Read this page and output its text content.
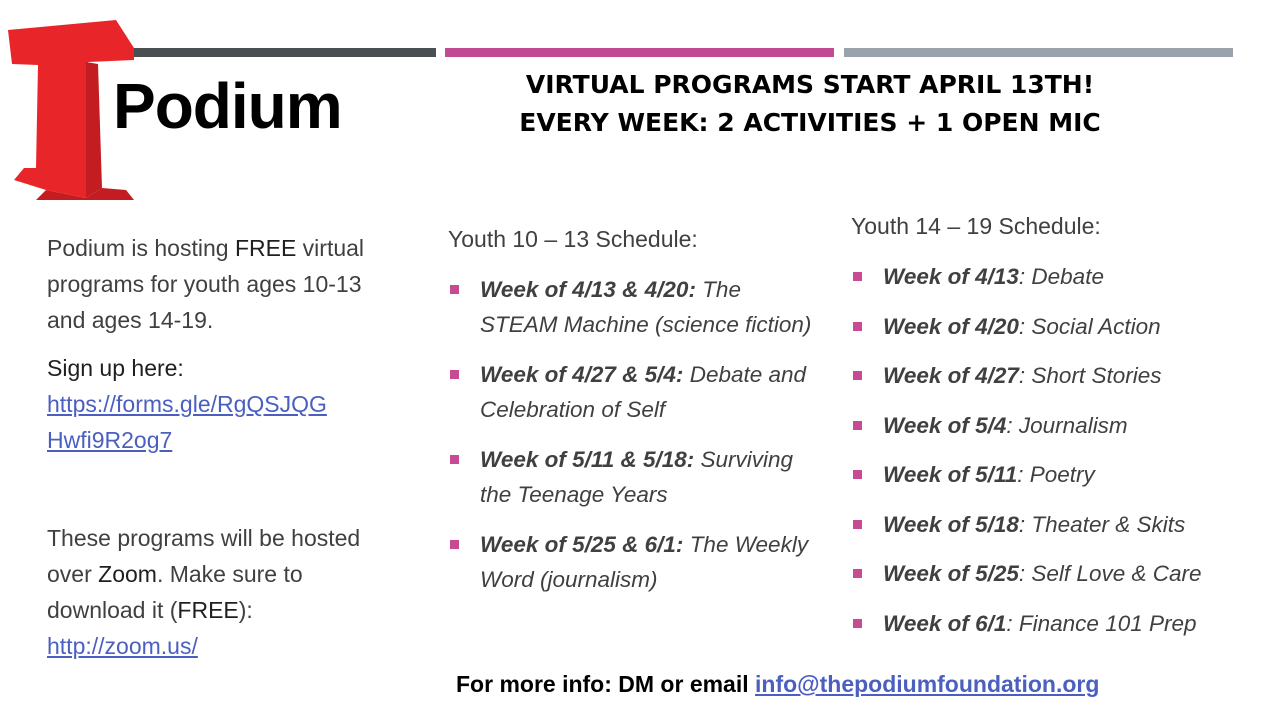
Podium	VIRTUAL PROGRAMS START APRIL 13TH!
EVERY WEEK: 2 ACTIVITIES + 1 OPEN MIC
Podium is hosting FREE virtual programs for youth ages 10-13 and ages 14-19.
Sign up here:
https://forms.gle/RgQSJQG
Hwfi9R2og7
These programs will be hosted over Zoom. Make sure to download it (FREE):
http://zoom.us/
Youth 10 – 13 Schedule:
Week of 4/13 & 4/20: The STEAM Machine (science fiction)
Week of 4/27 & 5/4: Debate and Celebration of Self
Week of 5/11 & 5/18: Surviving the Teenage Years
Week of 5/25 & 6/1: The Weekly Word (journalism)
Youth 14 – 19 Schedule:
Week of 4/13: Debate
Week of 4/20: Social Action
Week of 4/27: Short Stories
Week of 5/4: Journalism
Week of 5/11: Poetry
Week of 5/18: Theater & Skits
Week of 5/25: Self Love & Care
Week of 6/1: Finance 101 Prep
For more info: DM or email info@thepodiumfoundation.org
